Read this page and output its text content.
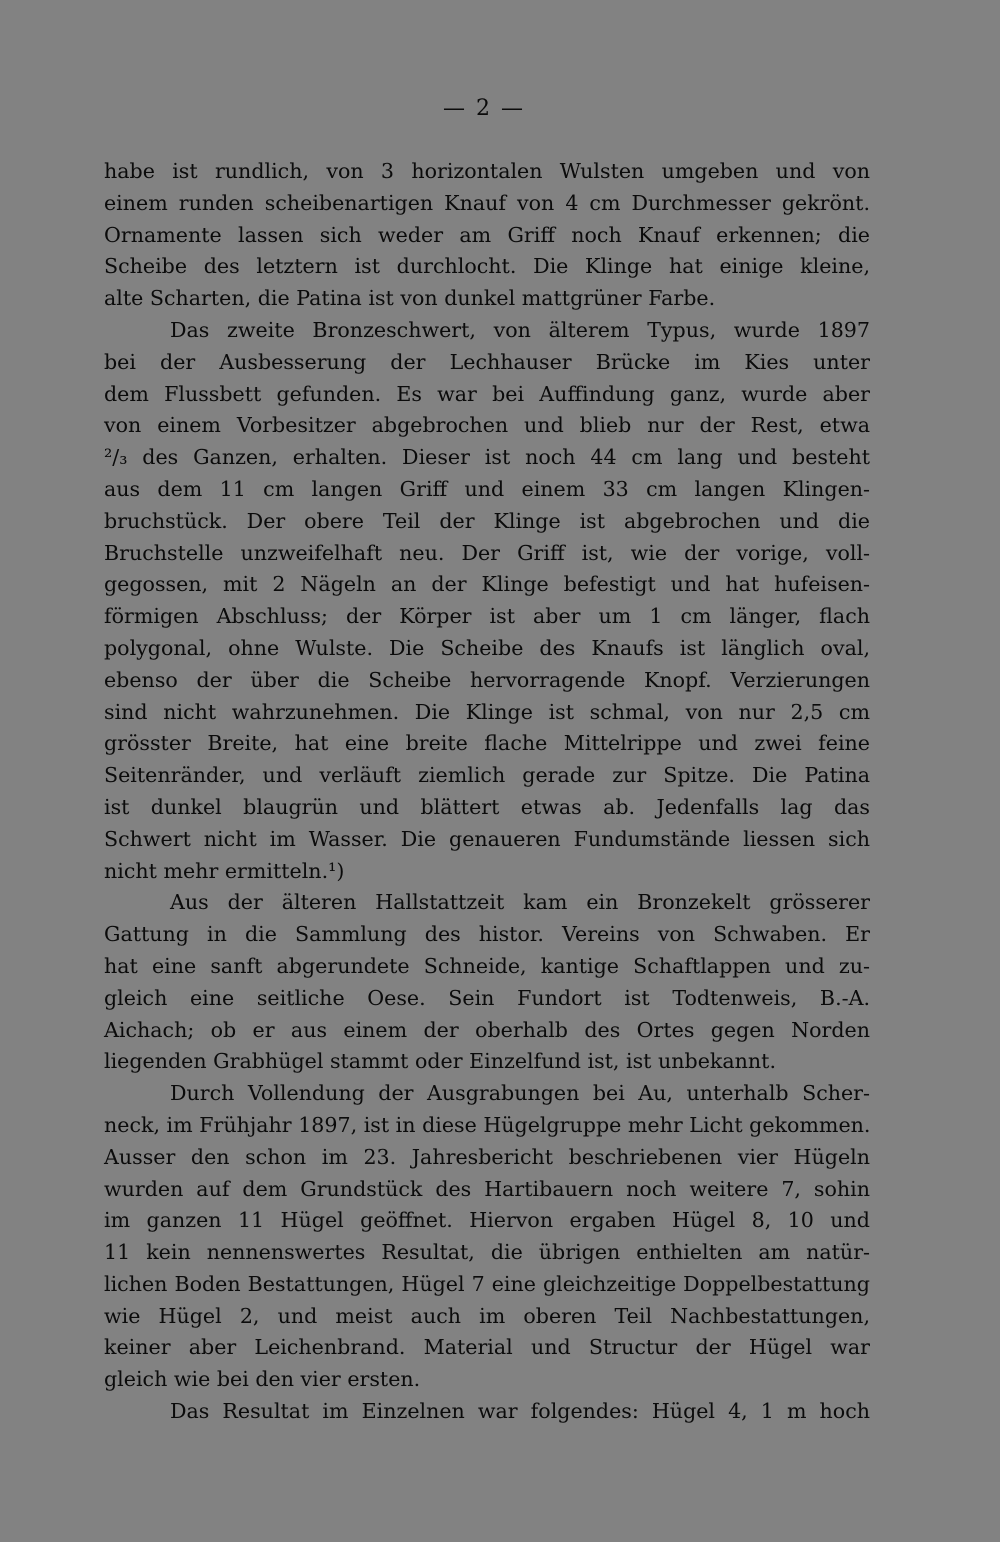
— 2 —
habe ist rundlich, von 3 horizontalen Wulsten umgeben und von
einem runden scheibenartigen Knauf von 4 cm Durchmesser gekrönt.
Ornamente lassen sich weder am Griff noch Knauf erkennen; die
Scheibe des letztern ist durchlocht. Die Klinge hat einige kleine,
alte Scharten, die Patina ist von dunkel mattgrüner Farbe.
Das zweite Bronzeschwert, von älterem Typus, wurde 1897
bei der Ausbesserung der Lechhauser Brücke im Kies unter
dem Flussbett gefunden. Es war bei Auffindung ganz, wurde aber
von einem Vorbesitzer abgebrochen und blieb nur der Rest, etwa
²/₃ des Ganzen, erhalten. Dieser ist noch 44 cm lang und besteht
aus dem 11 cm langen Griff und einem 33 cm langen Klingen-
bruchstück. Der obere Teil der Klinge ist abgebrochen und die
Bruchstelle unzweifelhaft neu. Der Griff ist, wie der vorige, voll-
gegossen, mit 2 Nägeln an der Klinge befestigt und hat hufeisen-
förmigen Abschluss; der Körper ist aber um 1 cm länger, flach
polygonal, ohne Wulste. Die Scheibe des Knaufs ist länglich oval,
ebenso der über die Scheibe hervorragende Knopf. Verzierungen
sind nicht wahrzunehmen. Die Klinge ist schmal, von nur 2,5 cm
grösster Breite, hat eine breite flache Mittelrippe und zwei feine
Seitenränder, und verläuft ziemlich gerade zur Spitze. Die Patina
ist dunkel blaugrün und blättert etwas ab. Jedenfalls lag das
Schwert nicht im Wasser. Die genaueren Fundumstände liessen sich
nicht mehr ermitteln.¹)
Aus der älteren Hallstattzeit kam ein Bronzekelt grösserer
Gattung in die Sammlung des histor. Vereins von Schwaben. Er
hat eine sanft abgerundete Schneide, kantige Schaftlappen und zu-
gleich eine seitliche Oese. Sein Fundort ist Todtenweis, B.-A.
Aichach; ob er aus einem der oberhalb des Ortes gegen Norden
liegenden Grabhügel stammt oder Einzelfund ist, ist unbekannt.
Durch Vollendung der Ausgrabungen bei Au, unterhalb Scher-
neck, im Frühjahr 1897, ist in diese Hügelgruppe mehr Licht gekommen.
Ausser den schon im 23. Jahresbericht beschriebenen vier Hügeln
wurden auf dem Grundstück des Hartibauern noch weitere 7, sohin
im ganzen 11 Hügel geöffnet. Hiervon ergaben Hügel 8, 10 und
11 kein nennenswertes Resultat, die übrigen enthielten am natür-
lichen Boden Bestattungen, Hügel 7 eine gleichzeitige Doppelbestattung
wie Hügel 2, und meist auch im oberen Teil Nachbestattungen,
keiner aber Leichenbrand. Material und Structur der Hügel war
gleich wie bei den vier ersten.
Das Resultat im Einzelnen war folgendes: Hügel 4, 1 m hoch
